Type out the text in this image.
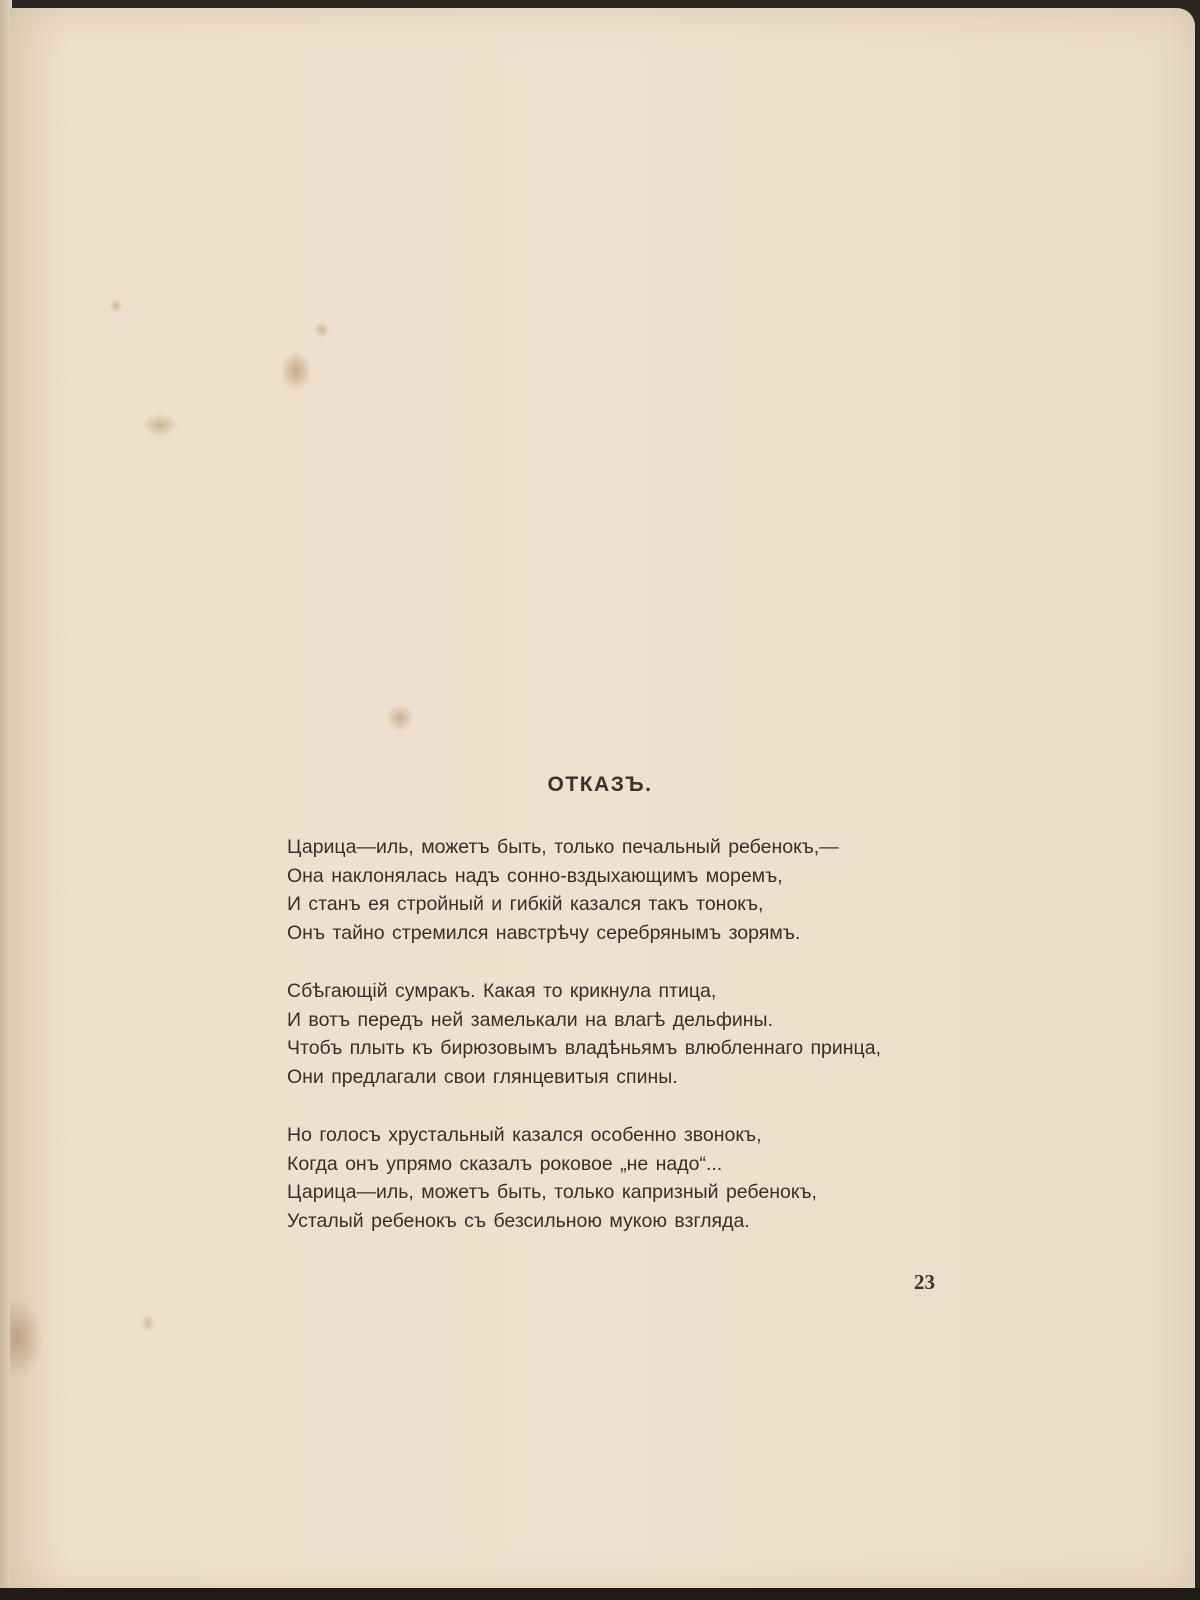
ОТКАЗЪ.
Царица—иль, можетъ быть, только печальный ребенокъ,—
Она наклонялась надъ сонно-вздыхающимъ моремъ,
И станъ ея стройный и гибкій казался такъ тонокъ,
Онъ тайно стремился навстрѣчу серебрянымъ зорямъ.
Сбѣгающій сумракъ. Какая то крикнула птица,
И вотъ передъ ней замелькали на влагѣ дельфины.
Чтобъ плыть къ бирюзовымъ владѣньямъ влюбленнаго принца,
Они предлагали свои глянцевитыя спины.
Но голосъ хрустальный казался особенно звонокъ,
Когда онъ упрямо сказалъ роковое „не надо“...
Царица—иль, можетъ быть, только капризный ребенокъ,
Усталый ребенокъ съ безсильною мукою взгляда.
23
